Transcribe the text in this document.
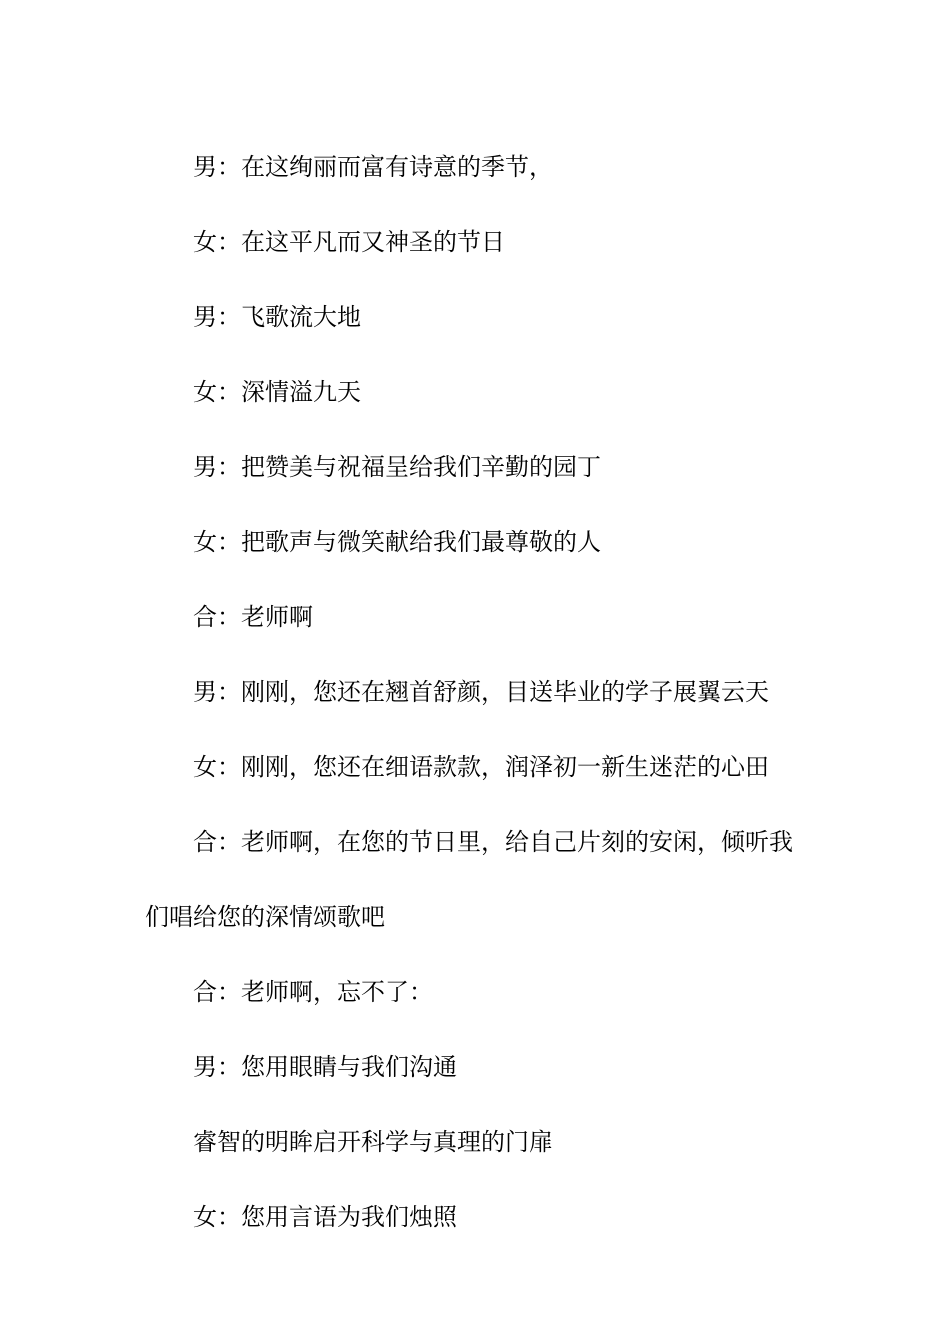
男：在这绚丽而富有诗意的季节，

女：在这平凡而又神圣的节日

男：飞歌流大地

女：深情溢九天

男：把赞美与祝福呈给我们辛勤的园丁

女：把歌声与微笑献给我们最尊敬的人

合：老师啊

男：刚刚，您还在翘首舒颜，目送毕业的学子展翼云天

女：刚刚，您还在细语款款，润泽初一新生迷茫的心田

合：老师啊，在您的节日里，给自己片刻的安闲，倾听我们唱给您的深情颂歌吧

合：老师啊，忘不了：

男：您用眼睛与我们沟通

睿智的明眸启开科学与真理的门扉

女：您用言语为我们烛照
